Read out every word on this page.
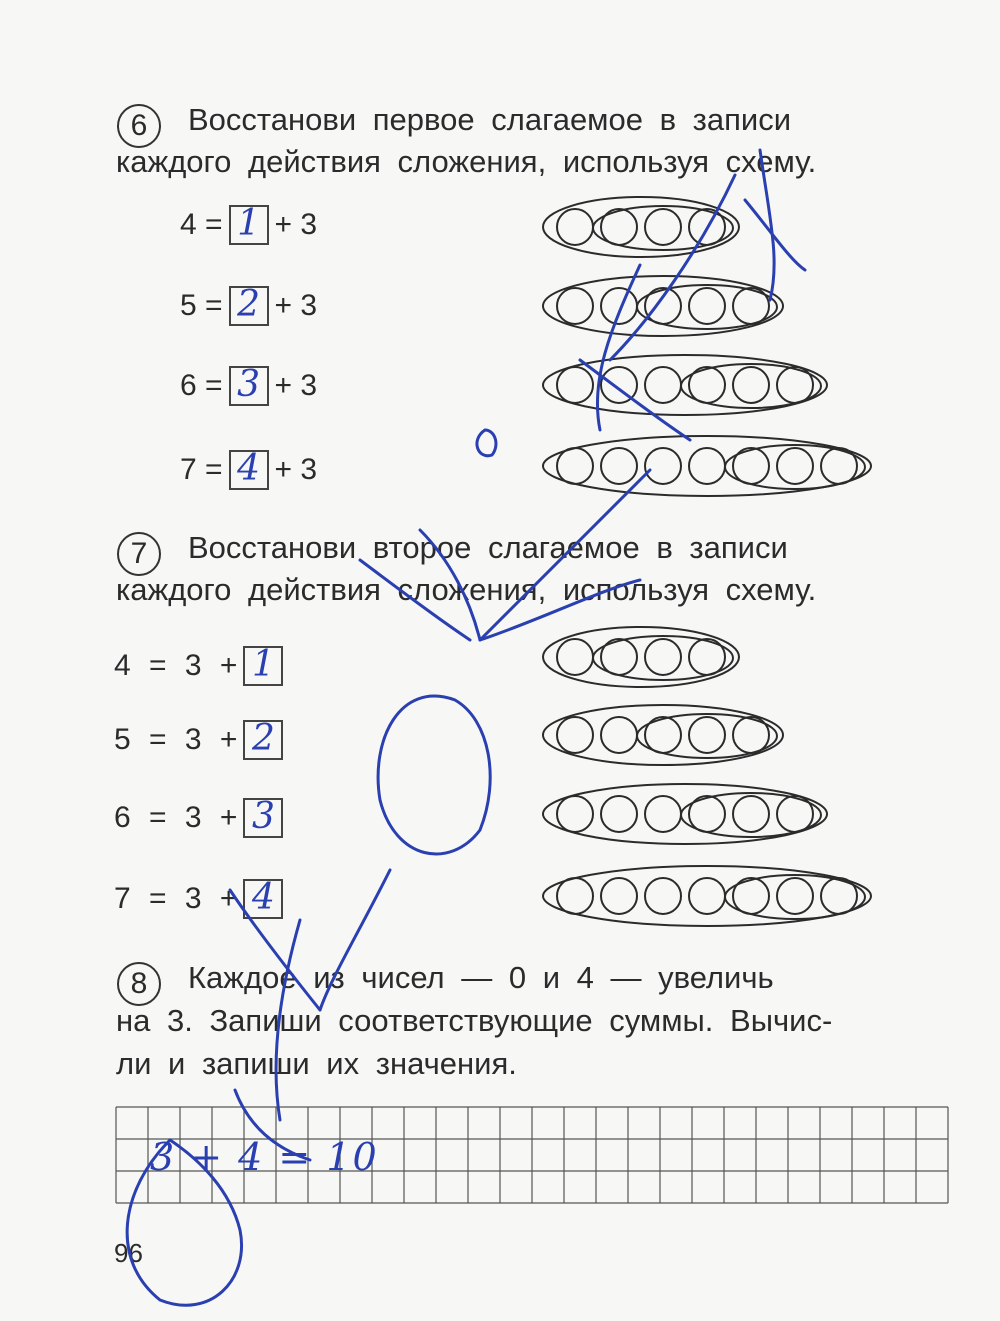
6	Восстанови первое слагаемое в записи
каждого действия сложения, используя схему.
4 = 1 + 3
5 = 2 + 3
6 = 3 + 3
7 = 4 + 3
7	Восстанови второе слагаемое в записи
каждого действия сложения, используя схему.
4 = 3 + 1
5 = 3 + 2
6 = 3 + 3
7 = 3 + 4
8	Каждое из чисел — 0 и 4 — увеличь
на 3. Запиши соответствующие суммы. Вычис-
ли и запиши их значения.
3 + 4 = 10
96
